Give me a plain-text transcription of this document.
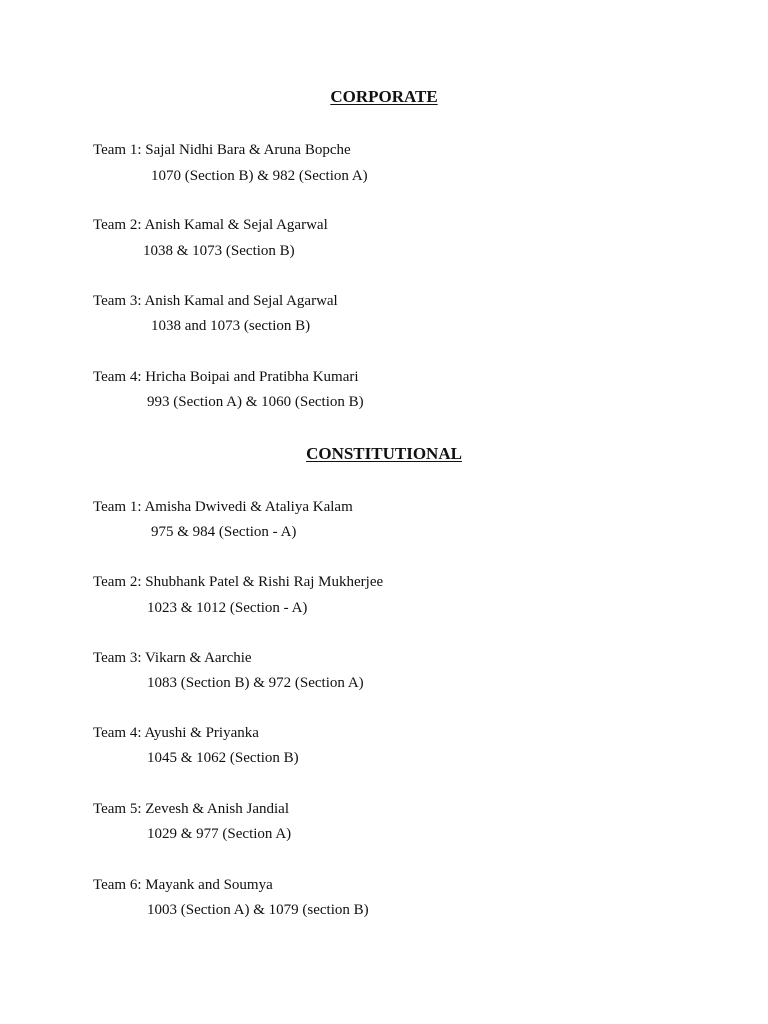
CORPORATE
Team 1: Sajal Nidhi Bara & Aruna Bopche
1070 (Section B) & 982 (Section A)
Team 2: Anish Kamal & Sejal Agarwal
1038 & 1073 (Section B)
Team 3: Anish Kamal and Sejal Agarwal
1038 and 1073 (section B)
Team 4: Hricha Boipai and Pratibha Kumari
993 (Section A) & 1060 (Section B)
CONSTITUTIONAL
Team 1: Amisha Dwivedi & Ataliya Kalam
975 & 984 (Section - A)
Team 2: Shubhank Patel & Rishi Raj Mukherjee
1023 & 1012 (Section - A)
Team 3: Vikarn & Aarchie
1083 (Section B) & 972 (Section A)
Team 4: Ayushi & Priyanka
1045 & 1062 (Section B)
Team 5: Zevesh & Anish Jandial
1029 & 977 (Section A)
Team 6: Mayank and Soumya
1003 (Section A) & 1079 (section B)
